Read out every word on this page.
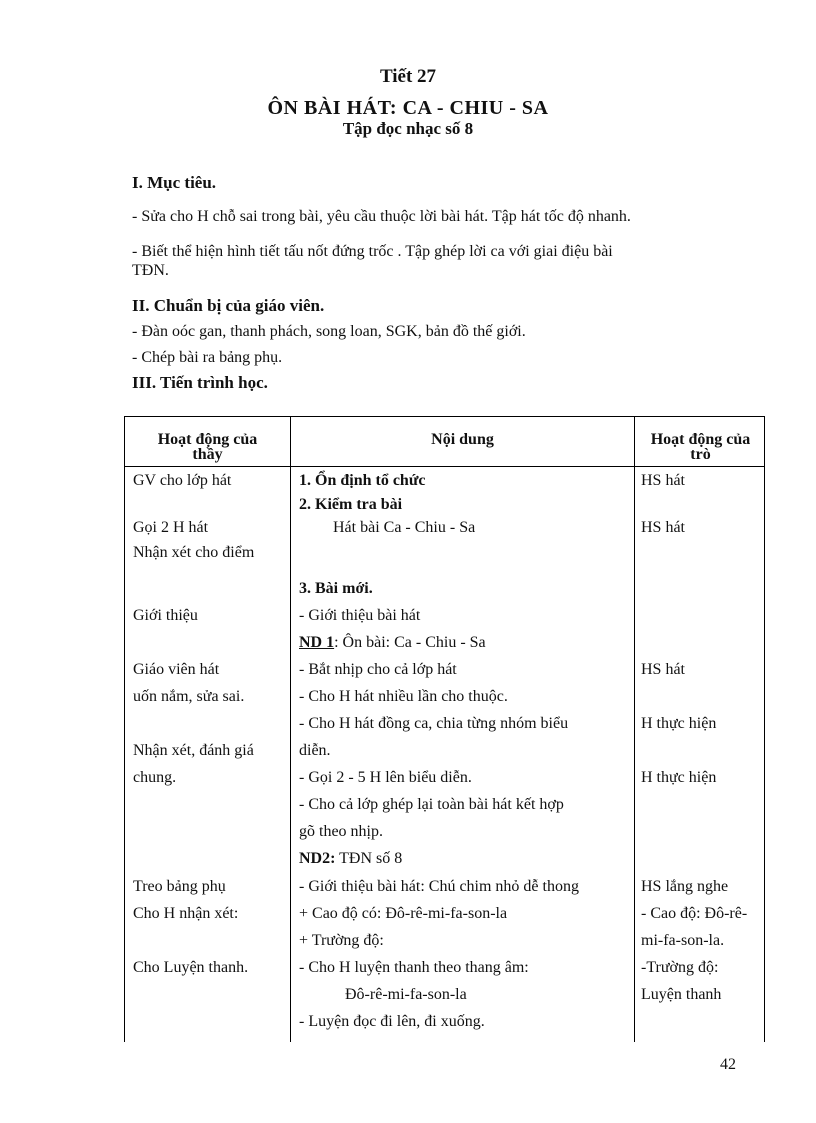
Tiết 27
ÔN BÀI HÁT: CA - CHIU - SA
Tập đọc nhạc số 8
I. Mục tiêu.
- Sửa cho H chỗ sai trong bài, yêu cầu thuộc lời bài hát. Tập hát tốc độ nhanh.
- Biết thể hiện hình tiết tấu nốt đứng trốc . Tập ghép lời ca với giai điệu bài
TĐN.
II. Chuẩn bị của giáo viên.
- Đàn oóc gan, thanh phách, song loan, SGK, bản đồ thế giới.
- Chép bài ra bảng phụ.
III. Tiến trình học.
Hoạt động của
thầy
Nội dung	Hoạt động của
trò
GV cho lớp hát
Gọi 2 H hát
Nhận xét cho điểm
Giới thiệu
Giáo viên hát
uốn nắm, sửa sai.
Nhận xét, đánh giá
chung.
Treo bảng phụ
Cho H nhận xét:
Cho Luyện thanh.
1. Ổn định tổ chức
2. Kiểm tra bài
Hát bài Ca - Chiu - Sa
3. Bài mới.
- Giới thiệu bài hát
ND 1: Ôn bài: Ca - Chiu - Sa
- Bắt nhịp cho cả lớp hát
- Cho H hát nhiều lần cho thuộc.
- Cho H hát đồng ca, chia từng nhóm biểu
diễn.
- Gọi 2 - 5 H lên biểu diễn.
- Cho cả lớp ghép lại toàn bài hát kết hợp
gõ theo nhịp.
ND2: TĐN số 8
- Giới thiệu bài hát: Chú chim nhỏ dễ thong
+ Cao độ có: Đô-rê-mi-fa-son-la
+ Trường độ:
- Cho H luyện thanh theo thang âm:
Đô-rê-mi-fa-son-la
- Luyện đọc đi lên, đi xuống.
HS hát
HS hát
HS hát
H thực hiện
H thực hiện
HS lắng nghe
- Cao độ: Đô-rê-
mi-fa-son-la.
-Trường độ:
Luyện thanh
42
